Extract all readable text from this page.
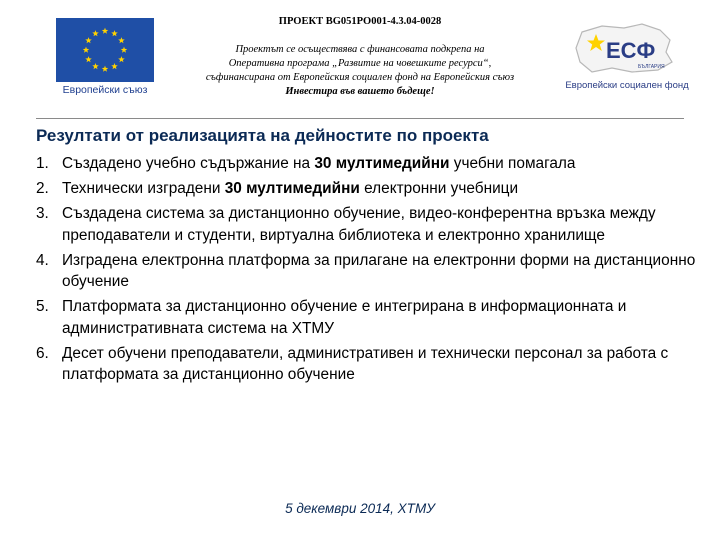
Европейски съюз
ПРОЕКТ BG051PO001-4.3.04-0028
Проектът се осъществява с финансовата подкрепа на
Оперативна програма „Развитие на човешките ресурси“,
съфинансирана от Европейския социален фонд на Европейския съюз
Инвестира във вашето бъдеще!
ЕСФ
БЪЛГАРИЯ
Европейски социален фонд
Резултати от реализацията на дейностите по проекта
1. Създадено учебно съдържание на 30 мултимедийни учебни помагала
2. Технически изградени 30 мултимедийни електронни учебници
3. Създадена система за дистанционно обучение, видео-конферентна връзка между преподаватели и студенти, виртуална библиотека и електронно хранилище
4. Изградена електронна платформа за прилагане на електронни форми на дистанционно обучение
5. Платформата за дистанционно обучение е интегрирана в информационната и административната система на ХТМУ
6. Десет обучени преподаватели, административен и технически персонал за работа с платформата за дистанционно обучение
5 декември 2014, ХТМУ
